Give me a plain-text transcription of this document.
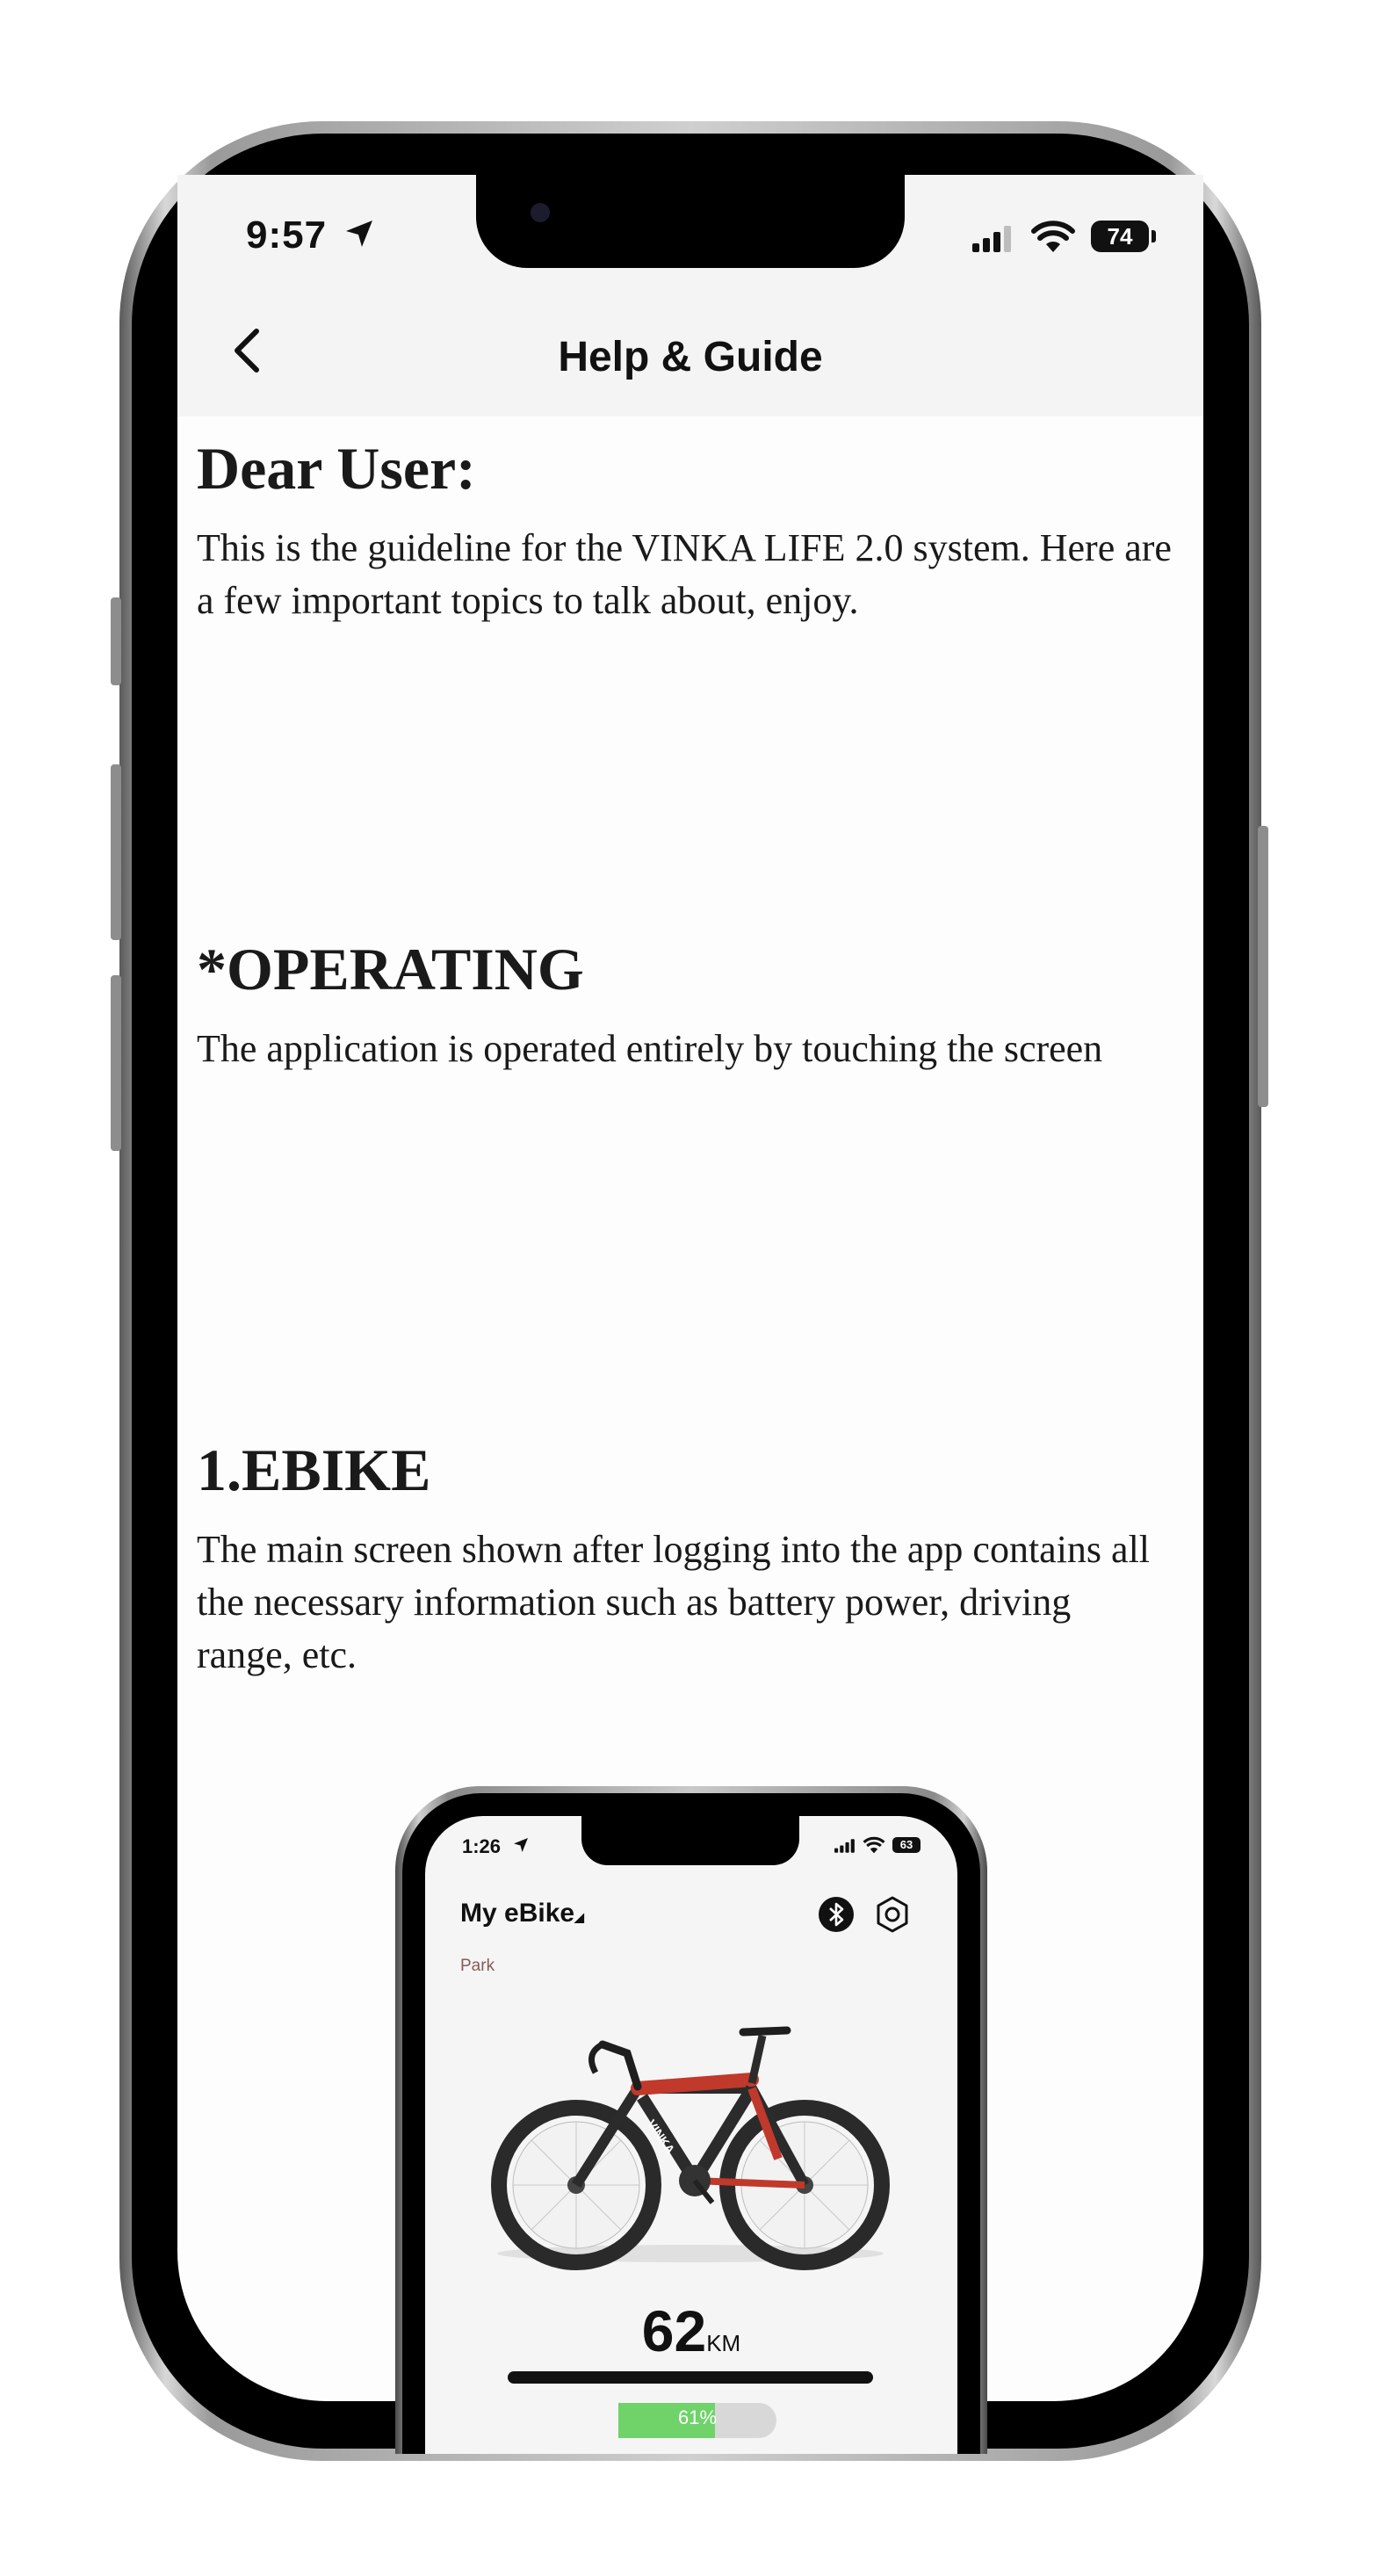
9:57	74
Help & Guide
Dear User:
This is the guideline for the VINKA LIFE 2.0 system. Here are a few important topics to talk about, enjoy.
*OPERATING
The application is operated entirely by touching the screen
1.EBIKE
The main screen shown after logging into the app contains all the necessary information such as battery power, driving range, etc.
1:26	63
My eBike◢
Park
VINKA
62KM
61%
